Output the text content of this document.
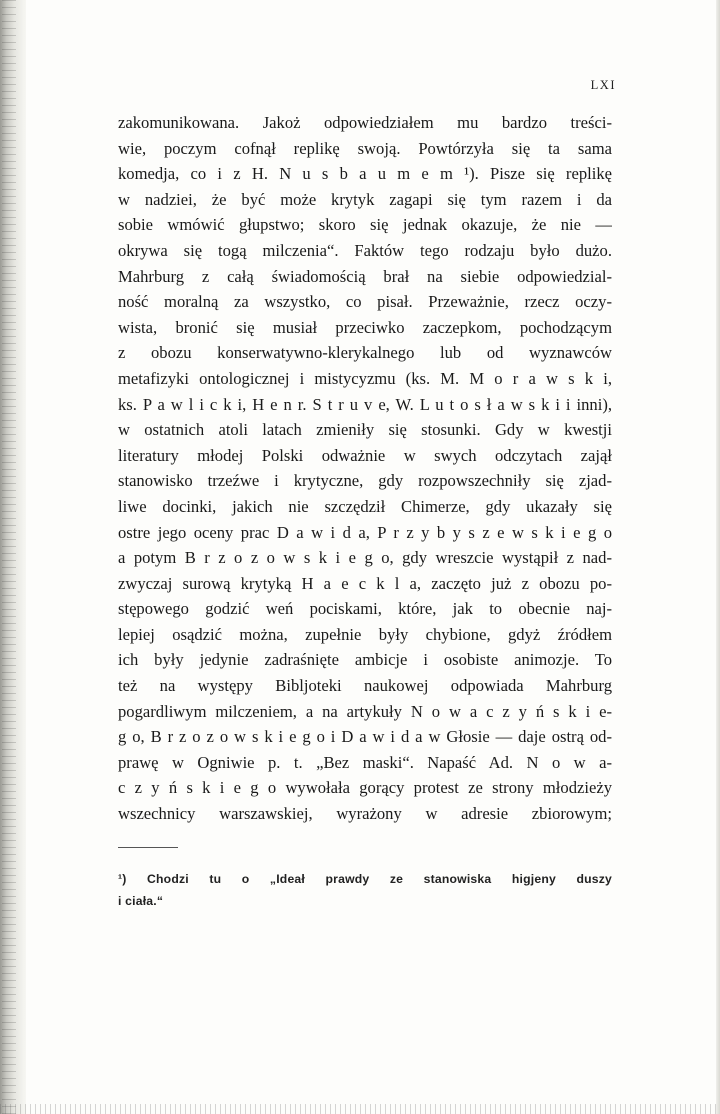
LXI
zakomunikowana. Jakoż odpowiedziałem mu bardzo treści-
wie, poczym cofnął replikę swoją. Powtórzyła się ta sama
komedja, co i z H. N u s b a u m e m ¹). Pisze się replikę
w nadziei, że być może krytyk zagapi się tym razem i da
sobie wmówić głupstwo; skoro się jednak okazuje, że nie —
okrywa się togą milczenia“. Faktów tego rodzaju było dużo.
Mahrburg z całą świadomością brał na siebie odpowiedzial-
ność moralną za wszystko, co pisał. Przeważnie, rzecz oczy-
wista, bronić się musiał przeciwko zaczepkom, pochodzącym
z obozu konserwatywno-klerykalnego lub od wyznawców
metafizyki ontologicznej i mistycyzmu (ks. M. M o r a w s k i,
ks. P a w l i c k i, H e n r. S t r u v e, W. L u t o s ł a w s k i i inni),
w ostatnich atoli latach zmieniły się stosunki. Gdy w kwestji
literatury młodej Polski odważnie w swych odczytach zajął
stanowisko trzeźwe i krytyczne, gdy rozpowszechniły się zjad-
liwe docinki, jakich nie szczędził Chimerze, gdy ukazały się
ostre jego oceny prac D a w i d a, P r z y b y s z e w s k i e g o
a potym B r z o z o w s k i e g o, gdy wreszcie wystąpił z nad-
zwyczaj surową krytyką H a e c k l a, zaczęto już z obozu po-
stępowego godzić weń pociskami, które, jak to obecnie naj-
lepiej osądzić można, zupełnie były chybione, gdyż źródłem
ich były jedynie zadraśnięte ambicje i osobiste animozje. To
też na występy Bibljoteki naukowej odpowiada Mahrburg
pogardliwym milczeniem, a na artykuły N o w a c z y ń s k i e-
g o, B r z o z o w s k i e g o i D a w i d a w Głosie — daje ostrą od-
prawę w Ogniwie p. t. „Bez maski“. Napaść Ad. N o w a-
c z y ń s k i e g o wywołała gorący protest ze strony młodzieży
wszechnicy warszawskiej, wyrażony w adresie zbiorowym;
¹) Chodzi tu o „Ideał prawdy ze stanowiska higjeny duszy
i ciała.“
